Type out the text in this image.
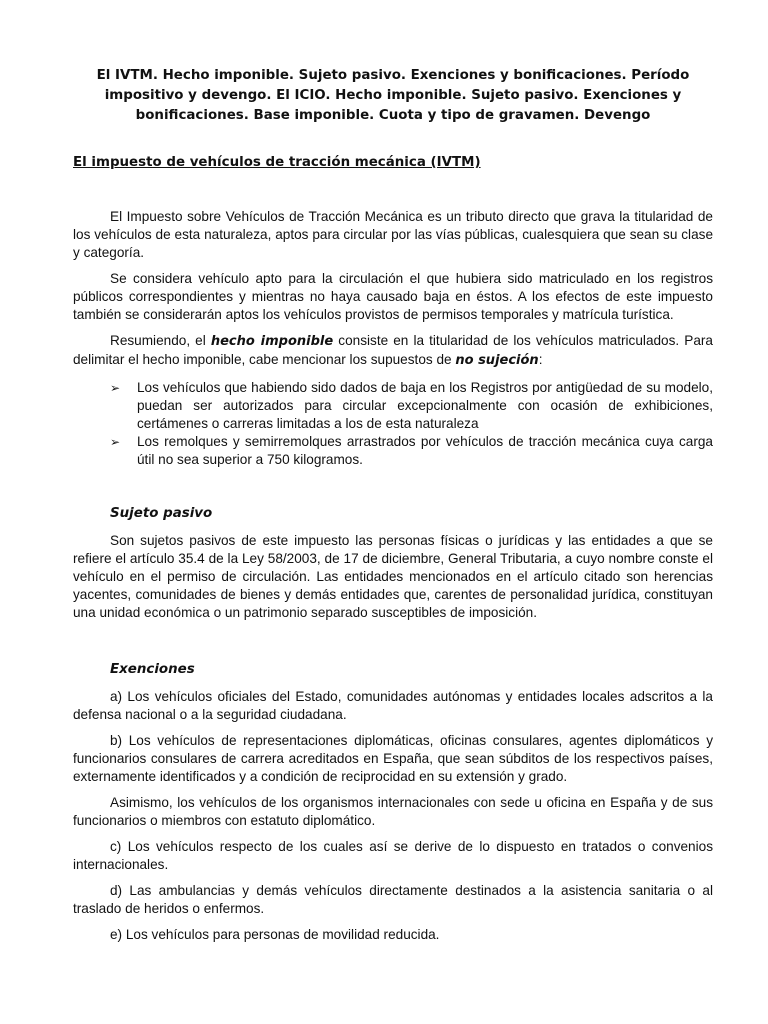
El IVTM. Hecho imponible. Sujeto pasivo. Exenciones y bonificaciones. Período impositivo y devengo. El ICIO. Hecho imponible. Sujeto pasivo. Exenciones y bonificaciones. Base imponible. Cuota y tipo de gravamen. Devengo
El impuesto de vehículos de tracción mecánica (IVTM)

El Impuesto sobre Vehículos de Tracción Mecánica es un tributo directo que grava la titularidad de los vehículos de esta naturaleza, aptos para circular por las vías públicas, cualesquiera que sean su clase y categoría.

Se considera vehículo apto para la circulación el que hubiera sido matriculado en los registros públicos correspondientes y mientras no haya causado baja en éstos. A los efectos de este impuesto también se considerarán aptos los vehículos provistos de permisos temporales y matrícula turística.

Resumiendo, el hecho imponible consiste en la titularidad de los vehículos matriculados. Para delimitar el hecho imponible, cabe mencionar los supuestos de no sujeción:

➢ Los vehículos que habiendo sido dados de baja en los Registros por antigüedad de su modelo, puedan ser autorizados para circular excepcionalmente con ocasión de exhibiciones, certámenes o carreras limitadas a los de esta naturaleza
➢ Los remolques y semirremolques arrastrados por vehículos de tracción mecánica cuya carga útil no sea superior a 750 kilogramos.
Sujeto pasivo

Son sujetos pasivos de este impuesto las personas físicas o jurídicas y las entidades a que se refiere el artículo 35.4 de la Ley 58/2003, de 17 de diciembre, General Tributaria, a cuyo nombre conste el vehículo en el permiso de circulación. Las entidades mencionados en el artículo citado son herencias yacentes, comunidades de bienes y demás entidades que, carentes de personalidad jurídica, constituyan una unidad económica o un patrimonio separado susceptibles de imposición.

Exenciones

a) Los vehículos oficiales del Estado, comunidades autónomas y entidades locales adscritos a la defensa nacional o a la seguridad ciudadana.

b) Los vehículos de representaciones diplomáticas, oficinas consulares, agentes diplomáticos y funcionarios consulares de carrera acreditados en España, que sean súbditos de los respectivos países, externamente identificados y a condición de reciprocidad en su extensión y grado.

Asimismo, los vehículos de los organismos internacionales con sede u oficina en España y de sus funcionarios o miembros con estatuto diplomático.

c) Los vehículos respecto de los cuales así se derive de lo dispuesto en tratados o convenios internacionales.

d) Las ambulancias y demás vehículos directamente destinados a la asistencia sanitaria o al traslado de heridos o enfermos.

e) Los vehículos para personas de movilidad reducida.
